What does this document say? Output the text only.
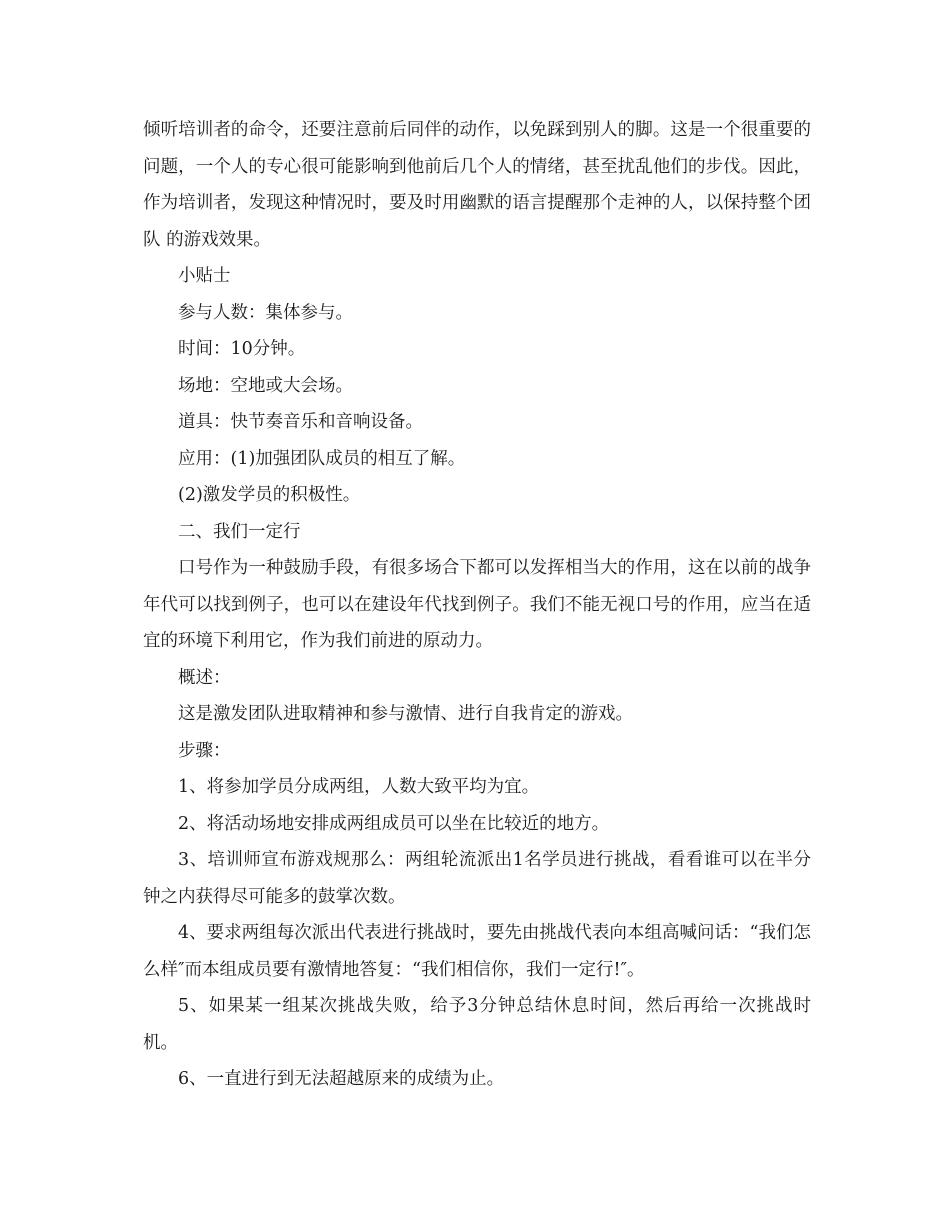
倾听培训者的命令，还要注意前后同伴的动作，以免踩到别人的脚。这是一个很重要的问题，一个人的专心很可能影响到他前后几个人的情绪，甚至扰乱他们的步伐。因此，作为培训者，发现这种情况时，要及时用幽默的语言提醒那个走神的人，以保持整个团队 的游戏效果。

小贴士

参与人数：集体参与。

时间：10分钟。

场地：空地或大会场。

道具：快节奏音乐和音响设备。

应用：(1)加强团队成员的相互了解。

(2)激发学员的积极性。

二、我们一定行

口号作为一种鼓励手段，有很多场合下都可以发挥相当大的作用，这在以前的战争年代可以找到例子，也可以在建设年代找到例子。我们不能无视口号的作用，应当在适宜的环境下利用它，作为我们前进的原动力。

概述：

这是激发团队进取精神和参与激情、进行自我肯定的游戏。

步骤：

1、将参加学员分成两组，人数大致平均为宜。

2、将活动场地安排成两组成员可以坐在比较近的地方。

3、培训师宣布游戏规那么：两组轮流派出1名学员进行挑战，看看谁可以在半分钟之内获得尽可能多的鼓掌次数。

4、要求两组每次派出代表进行挑战时，要先由挑战代表向本组高喊问话：“我们怎么样″而本组成员要有激情地答复：“我们相信你，我们一定行!″。

5、如果某一组某次挑战失败，给予3分钟总结休息时间，然后再给一次挑战时机。

6、一直进行到无法超越原来的成绩为止。
